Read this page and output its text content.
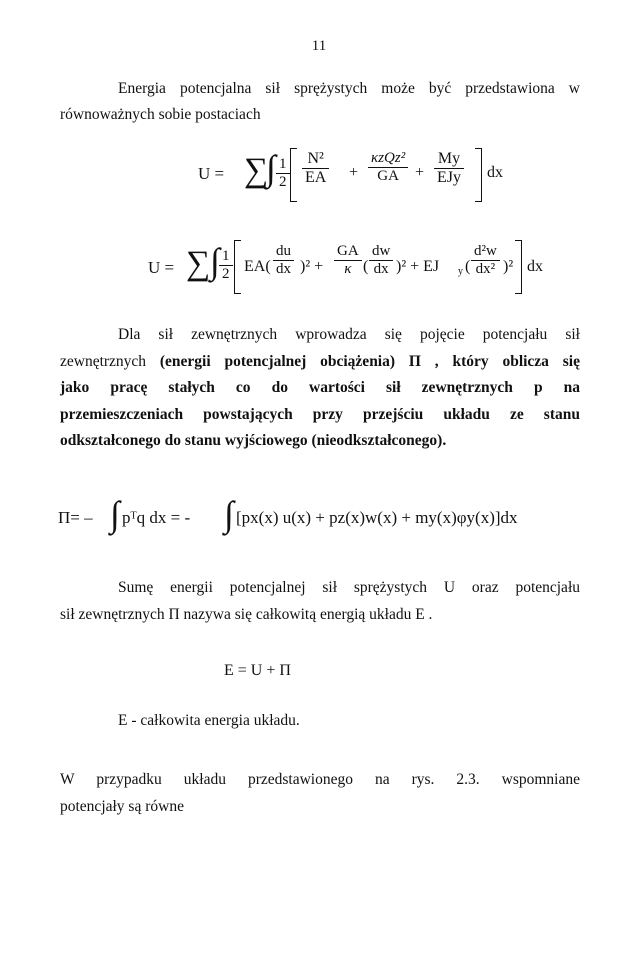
11
Energia potencjalna sił sprężystych może być przedstawiona w
równoważnych sobie postaciach
U = ∑
∫ $\frac{1}{2} \frac{\text{N²}}{EA}$ +
κzQz²
GA	+
My
EJy dx
U = ∑ ∫ $\frac{1}{2} EA( \frac{du}{dx} )^2 + \frac{GA}{\kappa}$ ( $\frac{dw}{dx} )^2$ + EJ y ( $\frac{\text{d²w}}{\text{dx²}} )^2$ dx
Dla sił zewnętrznych wprowadza się pojęcie potencjału sił
zewnętrznych (energii potencjalnej obciążenia) Π , który oblicza się
jako pracę stałych co do wartości sił zewnętrznych p na
przemieszczeniach powstających przy przejściu układu ze stanu
odkształconego do stanu wyjściowego (nieodkształconego).
Π= – ∫ pᵀq dx = - ∫ [px(x) u(x) + pz(x)w(x) + my(x)φy(x)]dx
Sumę energii potencjalnej sił sprężystych U oraz potencjału
sił zewnętrznych Π nazywa się całkowitą energią układu E .
E = U + Π
E - całkowita energia układu.
W przypadku układu przedstawionego na rys. 2.3. wspomniane
potencjały są równe
